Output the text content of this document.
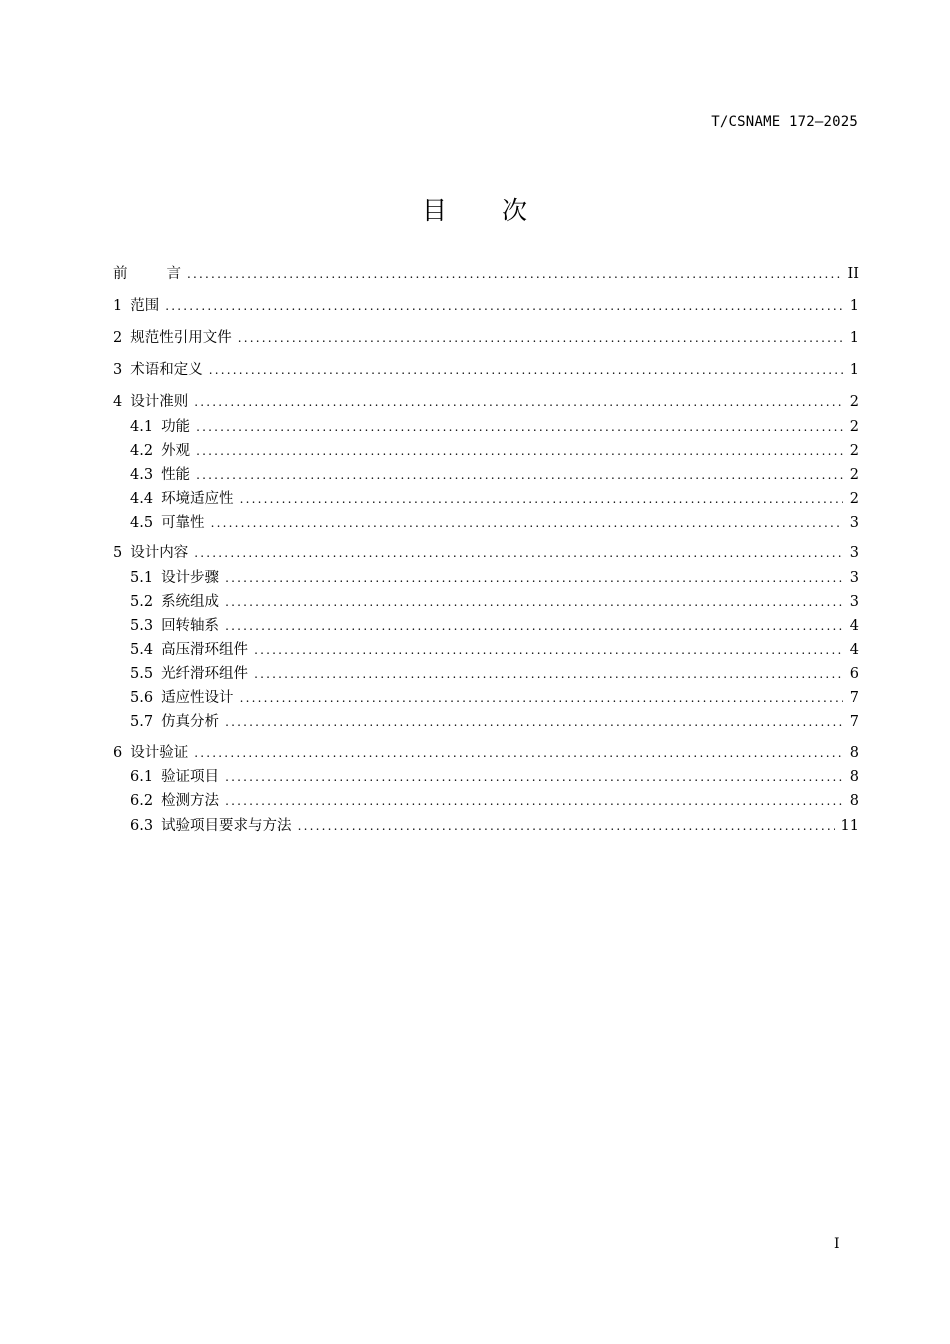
T/CSNAME 172—2025
目 次
前	言 .....	II
1 范围 .....	1
2 规范性引用文件 .....	1
3 术语和定义 .....	1
4 设计准则 .....	2
4.1 功能 .....	2
4.2 外观 .....	2
4.3 性能 .....	2
4.4 环境适应性 .....	2
4.5 可靠性 .....	3
5 设计内容 .....	3
5.1 设计步骤 .....	3
5.2 系统组成 .....	3
5.3 回转轴系 .....	4
5.4 高压滑环组件 .....	4
5.5 光纤滑环组件 .....	6
5.6 适应性设计 .....	7
5.7 仿真分析 .....	7
6 设计验证 .....	8
6.1 验证项目 .....	8
6.2 检测方法 .....	8
6.3 试验项目要求与方法 .....	11
I
